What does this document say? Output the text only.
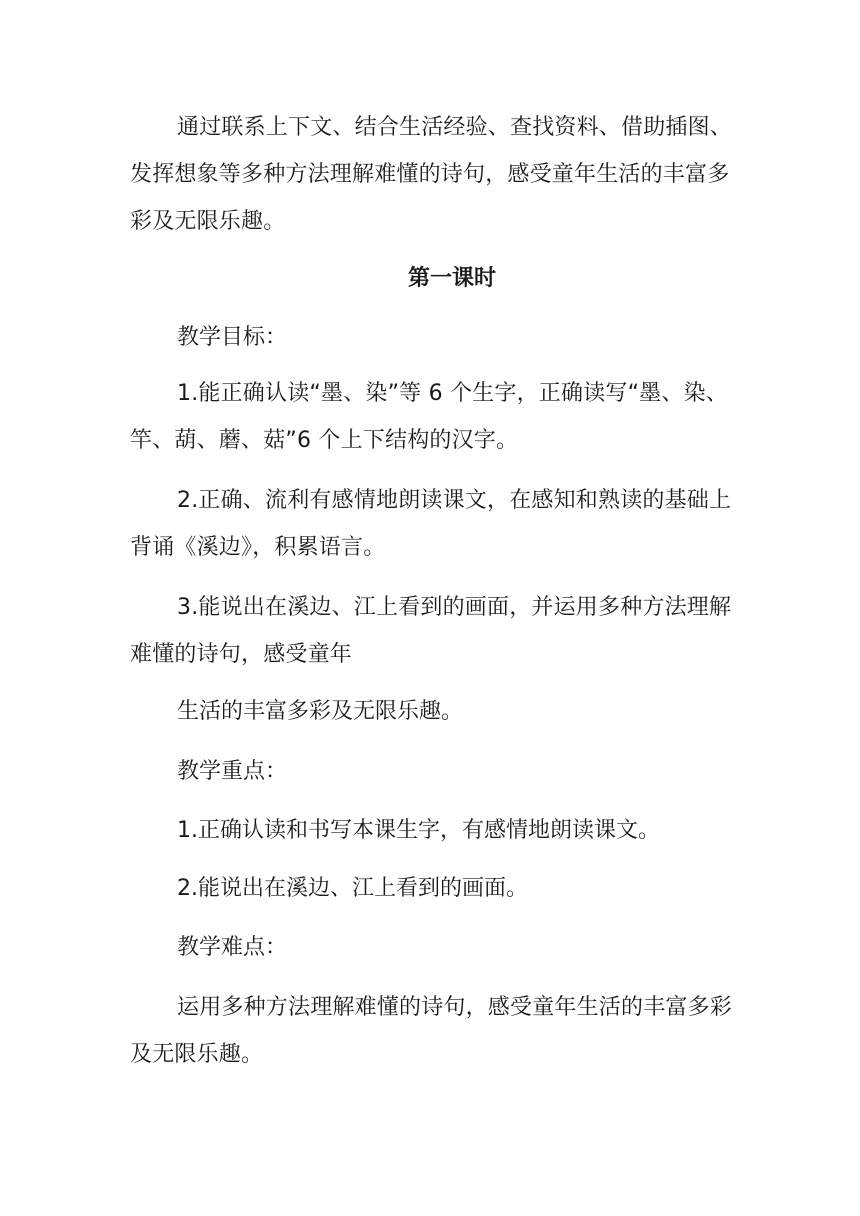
通过联系上下文、结合生活经验、查找资料、借助插图、发挥想象等多种方法理解难懂的诗句，感受童年生活的丰富多彩及无限乐趣。

第一课时

教学目标：

1.能正确认读“墨、染”等 6 个生字，正确读写“墨、染、竿、葫、蘑、菇”6 个上下结构的汉字。

2.正确、流利有感情地朗读课文，在感知和熟读的基础上背诵《溪边》，积累语言。

3.能说出在溪边、江上看到的画面，并运用多种方法理解难懂的诗句，感受童年

生活的丰富多彩及无限乐趣。

教学重点：

1.正确认读和书写本课生字，有感情地朗读课文。

2.能说出在溪边、江上看到的画面。

教学难点：

运用多种方法理解难懂的诗句，感受童年生活的丰富多彩及无限乐趣。
